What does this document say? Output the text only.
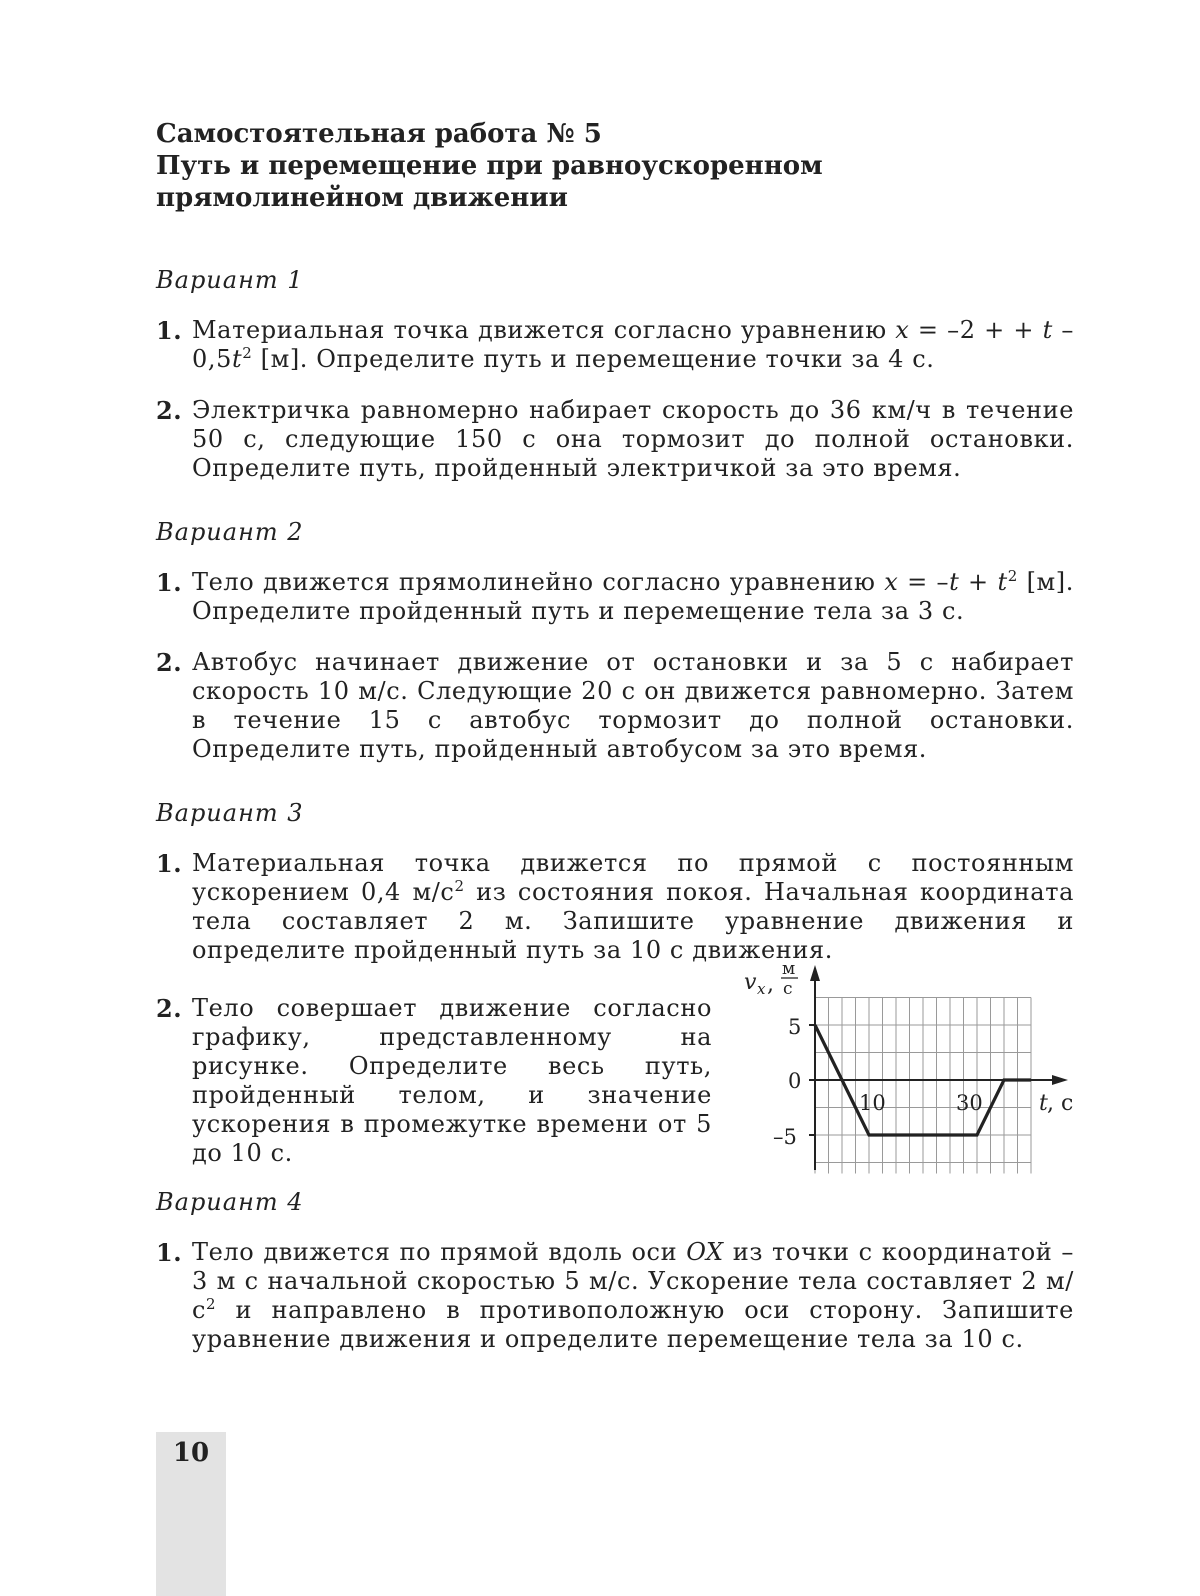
Самостоятельная работа № 5
Путь и перемещение при равноускоренном
прямолинейном движении
Вариант 1
1. Материальная точка движется согласно уравнению x = –2 + + t – $0,5t^2$ [м]. Определите путь и перемещение точки за 4 с.
2. Электричка равномерно набирает скорость до 36 км/ч в течение 50 с, следующие 150 с она тормозит до полной остановки. Определите путь, пройденный электричкой за это время.
Вариант 2
1. Тело движется прямолинейно согласно уравнению $x = -t + t^2$ [м]. Определите пройденный путь и перемещение тела за 3 с.
2. Автобус начинает движение от остановки и за 5 с набирает скорость 10 м/с. Следующие 20 с он движется равномерно. Затем в течение 15 с автобус тормозит до полной остановки. Определите путь, пройденный автобусом за это время.
Вариант 3
1. Материальная точка движется по прямой с постоянным ускорением 0,4 $м/с^2$ из состояния покоя. Начальная координата тела составляет 2 м. Запишите уравнение движения и определите пройденный путь за 10 с движения.
2. Тело совершает движение согласно графику, представленному на рисунке. Определите весь путь, пройденный телом, и значение ускорения в промежутке времени от 5 до 10 с.
v x ,
м
с
5
0
–5
10	30	t , с
Вариант 4
1. Тело движется по прямой вдоль оси OX из точки с координатой –3 м с начальной скоростью 5 м/с. Ускорение тела составляет 2 $м/с^2$ и направлено в противоположную оси сторону. Запишите уравнение движения и определите перемещение тела за 10 с.
10
